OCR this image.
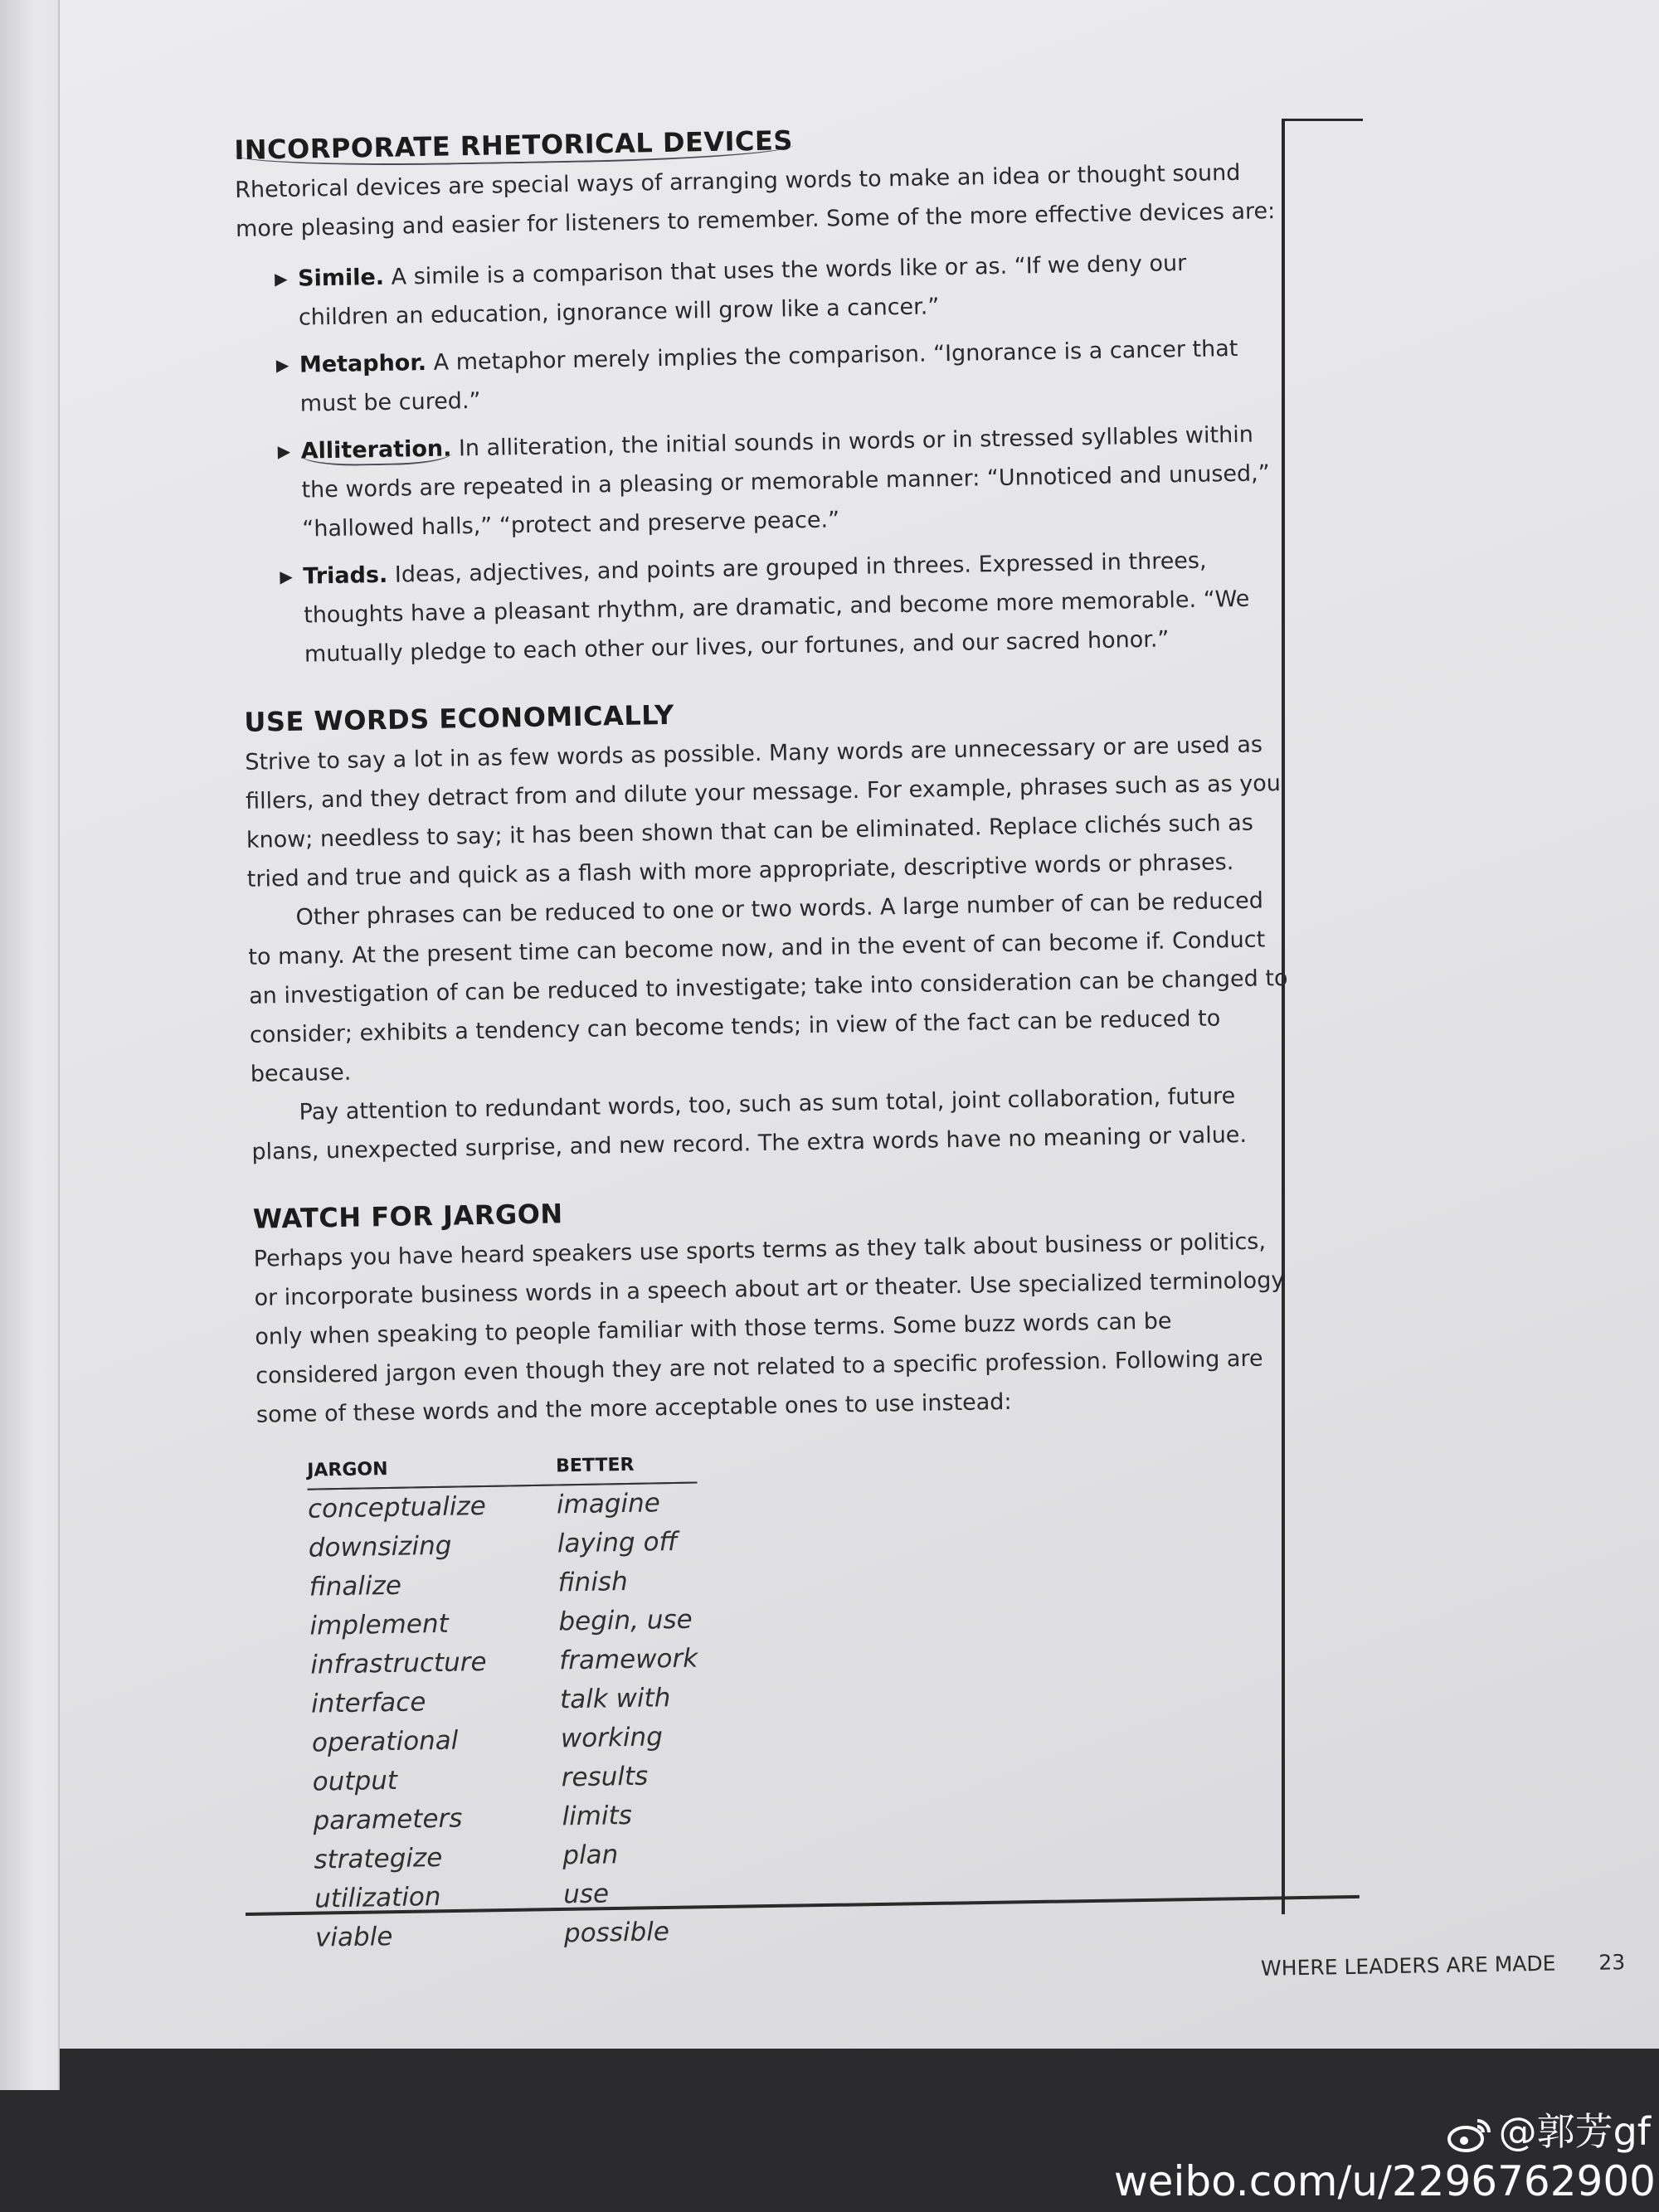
INCORPORATE RHETORICAL DEVICES

Rhetorical devices are special ways of arranging words to make an idea or thought sound more pleasing and easier for listeners to remember. Some of the more effective devices are:

▶ Simile. A simile is a comparison that uses the words like or as. “If we deny our children an education, ignorance will grow like a cancer.”
▶ Metaphor. A metaphor merely implies the comparison. “Ignorance is a cancer that must be cured.”
▶ Alliteration. In alliteration, the initial sounds in words or in stressed syllables within the words are repeated in a pleasing or memorable manner: “Unnoticed and unused,” “hallowed halls,” “protect and preserve peace.”
▶ Triads. Ideas, adjectives, and points are grouped in threes. Expressed in threes, thoughts have a pleasant rhythm, are dramatic, and become more memorable. “We mutually pledge to each other our lives, our fortunes, and our sacred honor.”
USE WORDS ECONOMICALLY

Strive to say a lot in as few words as possible. Many words are unnecessary or are used as fillers, and they detract from and dilute your message. For example, phrases such as as you know; needless to say; it has been shown that can be eliminated. Replace clichés such as tried and true and quick as a flash with more appropriate, descriptive words or phrases.

Other phrases can be reduced to one or two words. A large number of can be reduced to many. At the present time can become now, and in the event of can become if. Conduct an investigation of can be reduced to investigate; take into consideration can be changed to consider; exhibits a tendency can become tends; in view of the fact can be reduced to because.

Pay attention to redundant words, too, such as sum total, joint collaboration, future plans, unexpected surprise, and new record. The extra words have no meaning or value.

WATCH FOR JARGON

Perhaps you have heard speakers use sports terms as they talk about business or politics, or incorporate business words in a speech about art or theater. Use specialized terminology only when speaking to people familiar with those terms. Some buzz words can be considered jargon even though they are not related to a specific profession. Following are some of these words and the more acceptable ones to use instead:

JARGON	BETTER
conceptualize	imagine
downsizing	laying off
finalize	finish
implement	begin, use
infrastructure	framework
interface	talk with
operational	working
output	results
parameters	limits
strategize	plan
utilization	use
viable	possible
WHERE LEADERS ARE MADE 23
@郭芳gf
weibo.com/u/2296762900
